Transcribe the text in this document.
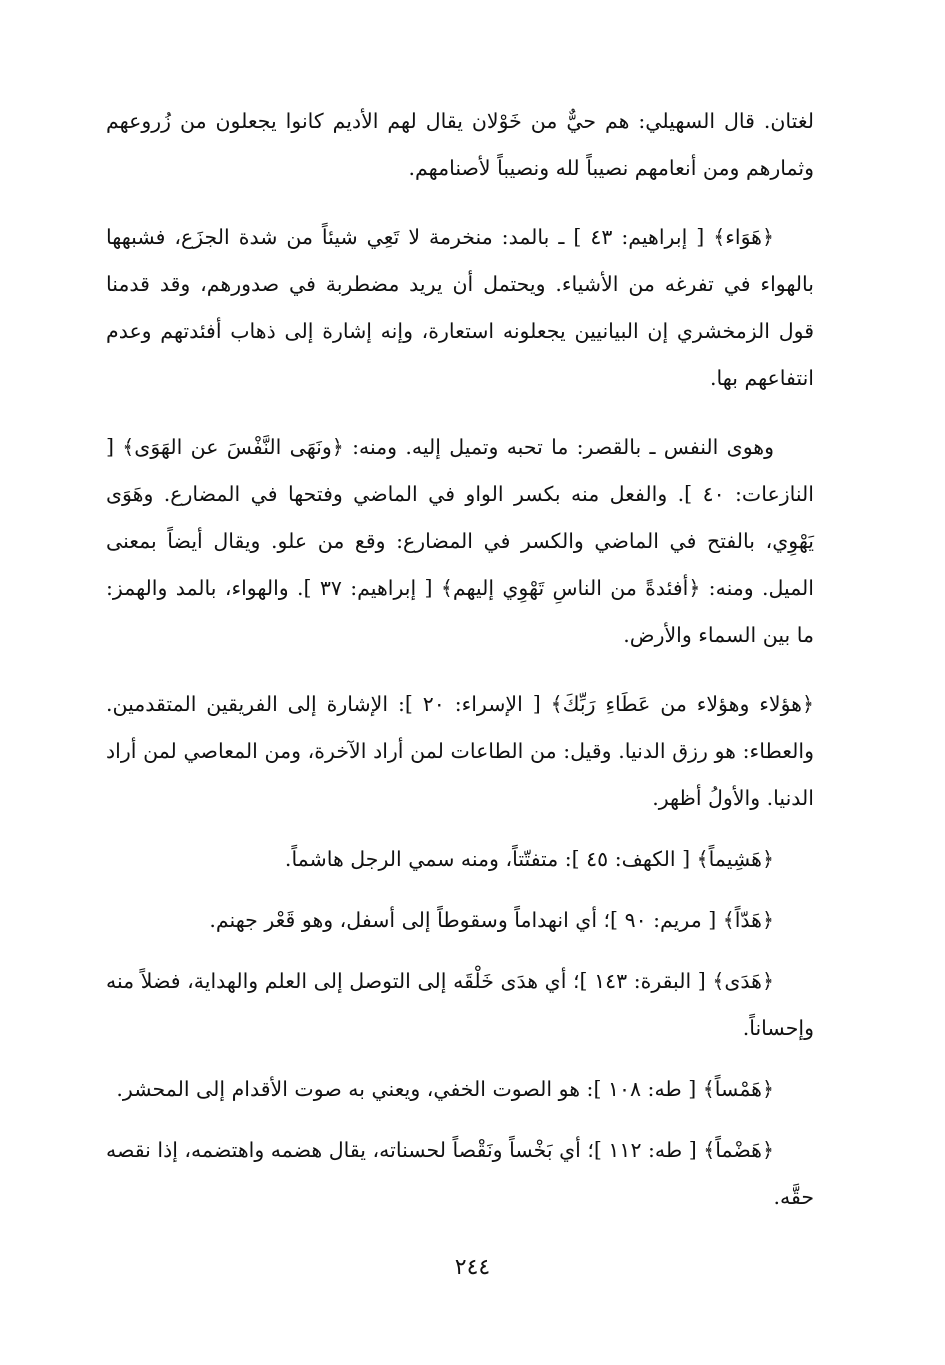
لغتان. قال السهيلي: هم حيٌّ من خَوْلان يقال لهم الأديم كانوا يجعلون من زُروعهم وثمارهم ومن أنعامهم نصيباً لله ونصيباً لأصنامهم.

﴿هَوَاء﴾ [ إبراهيم: ٤٣ ] ـ بالمد: منخرمة لا تَعِي شيئاً من شدة الجزَع، فشبهها بالهواء في تفرغه من الأشياء. ويحتمل أن يريد مضطربة في صدورهم، وقد قدمنا قول الزمخشري إن البيانيين يجعلونه استعارة، وإنه إشارة إلى ذهاب أفئدتهم وعدم انتفاعهم بها.

وهوى النفس ـ بالقصر: ما تحبه وتميل إليه. ومنه: ﴿ونَهَى النَّفْسَ عن الهَوَى﴾ [ النازعات: ٤٠ ]. والفعل منه بكسر الواو في الماضي وفتحها في المضارع. وهَوَى يَهْوِي، بالفتح في الماضي والكسر في المضارع: وقع من علو. ويقال أيضاً بمعنى الميل. ومنه: ﴿أفئدةً من الناسِ تَهْوِي إليهم﴾ [ إبراهيم: ٣٧ ]. والهواء، بالمد والهمز: ما بين السماء والأرض.

﴿هؤلاء وهؤلاء من عَطَاءِ رَبِّكَ﴾ [ الإسراء: ٢٠ ]: الإشارة إلى الفريقين المتقدمين. والعطاء: هو رزق الدنيا. وقيل: من الطاعات لمن أراد الآخرة، ومن المعاصي لمن أراد الدنيا. والأولُ أظهر.

﴿هَشِيماً﴾ [ الكهف: ٤٥ ]: متفتّتاً، ومنه سمي الرجل هاشماً.

﴿هَدّاً﴾ [ مريم: ٩٠ ]؛ أي انهداماً وسقوطاً إلى أسفل، وهو قَعْر جهنم.

﴿هَدَى﴾ [ البقرة: ١٤٣ ]؛ أي هدَى خَلْقَه إلى التوصل إلى العلم والهداية، فضلاً منه وإحساناً.

﴿هَمْساً﴾ [ طه: ١٠٨ ]: هو الصوت الخفي، ويعني به صوت الأقدام إلى المحشر.

﴿هَضْماً﴾ [ طه: ١١٢ ]؛ أي بَخْساً ونَقْصاً لحسناته، يقال هضمه واهتضمه، إذا نقصه حقَّه.

٢٤٤
